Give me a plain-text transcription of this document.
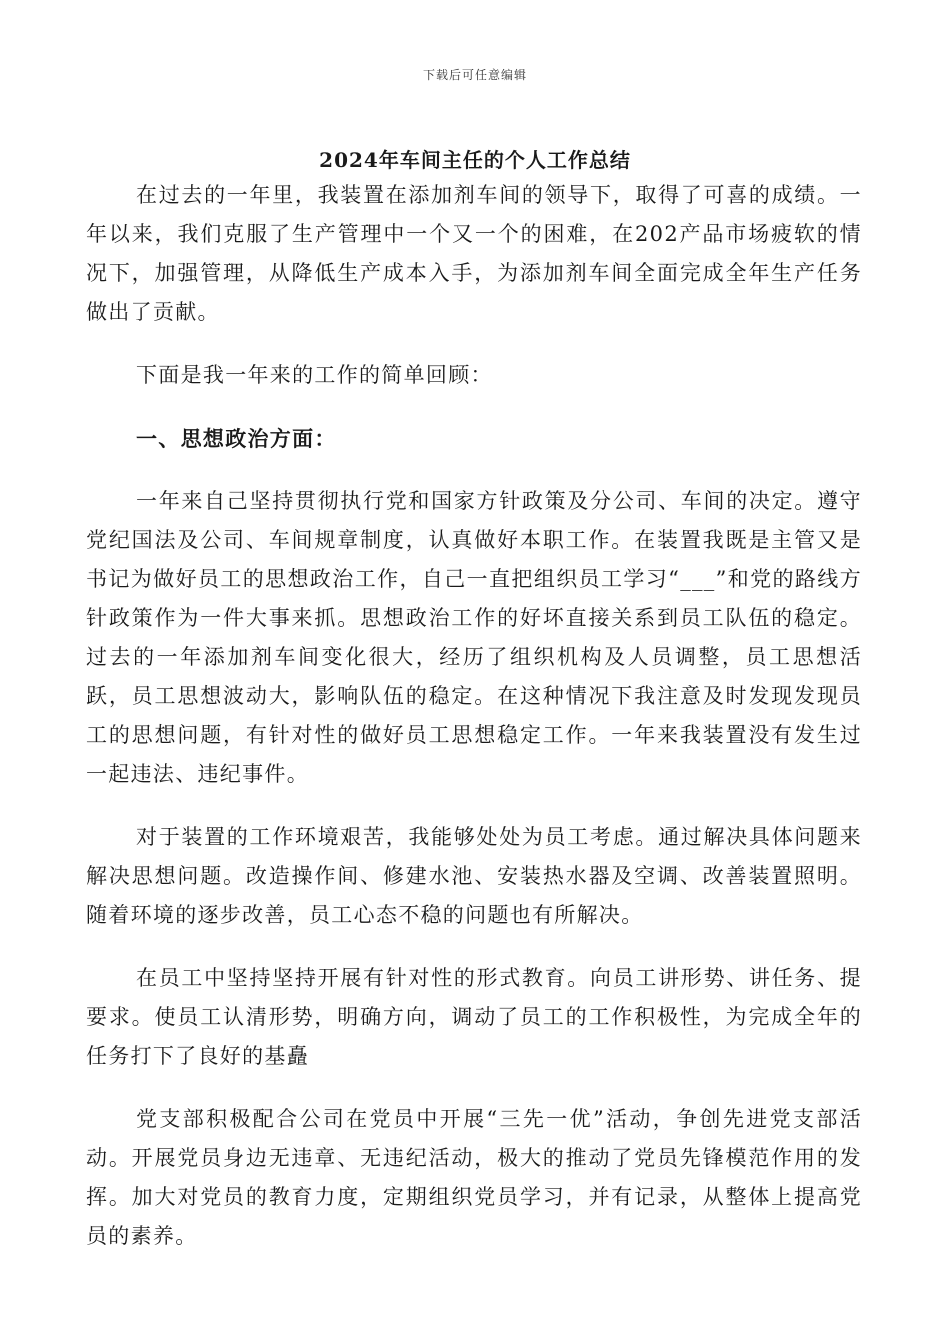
下载后可任意编辑
2024年车间主任的个人工作总结

在过去的一年里，我装置在添加剂车间的领导下，取得了可喜的成绩。一年以来，我们克服了生产管理中一个又一个的困难，在202产品市场疲软的情况下，加强管理，从降低生产成本入手，为添加剂车间全面完成全年生产任务做出了贡献。

下面是我一年来的工作的简单回顾：

一、思想政治方面：

一年来自己坚持贯彻执行党和国家方针政策及分公司、车间的决定。遵守党纪国法及公司、车间规章制度，认真做好本职工作。在装置我既是主管又是书记为做好员工的思想政治工作，自己一直把组织员工学习“___”和党的路线方针政策作为一件大事来抓。思想政治工作的好坏直接关系到员工队伍的稳定。过去的一年添加剂车间变化很大，经历了组织机构及人员调整，员工思想活跃，员工思想波动大，影响队伍的稳定。在这种情况下我注意及时发现发现员工的思想问题，有针对性的做好员工思想稳定工作。一年来我装置没有发生过一起违法、违纪事件。

对于装置的工作环境艰苦，我能够处处为员工考虑。通过解决具体问题来解决思想问题。改造操作间、修建水池、安装热水器及空调、改善装置照明。随着环境的逐步改善，员工心态不稳的问题也有所解决。

在员工中坚持坚持开展有针对性的形式教育。向员工讲形势、讲任务、提要求。使员工认清形势，明确方向，调动了员工的工作积极性，为完成全年的任务打下了良好的基矗

党支部积极配合公司在党员中开展“三先一优”活动，争创先进党支部活动。开展党员身边无违章、无违纪活动，极大的推动了党员先锋模范作用的发挥。加大对党员的教育力度，定期组织党员学习，并有记录，从整体上提高党员的素养。
